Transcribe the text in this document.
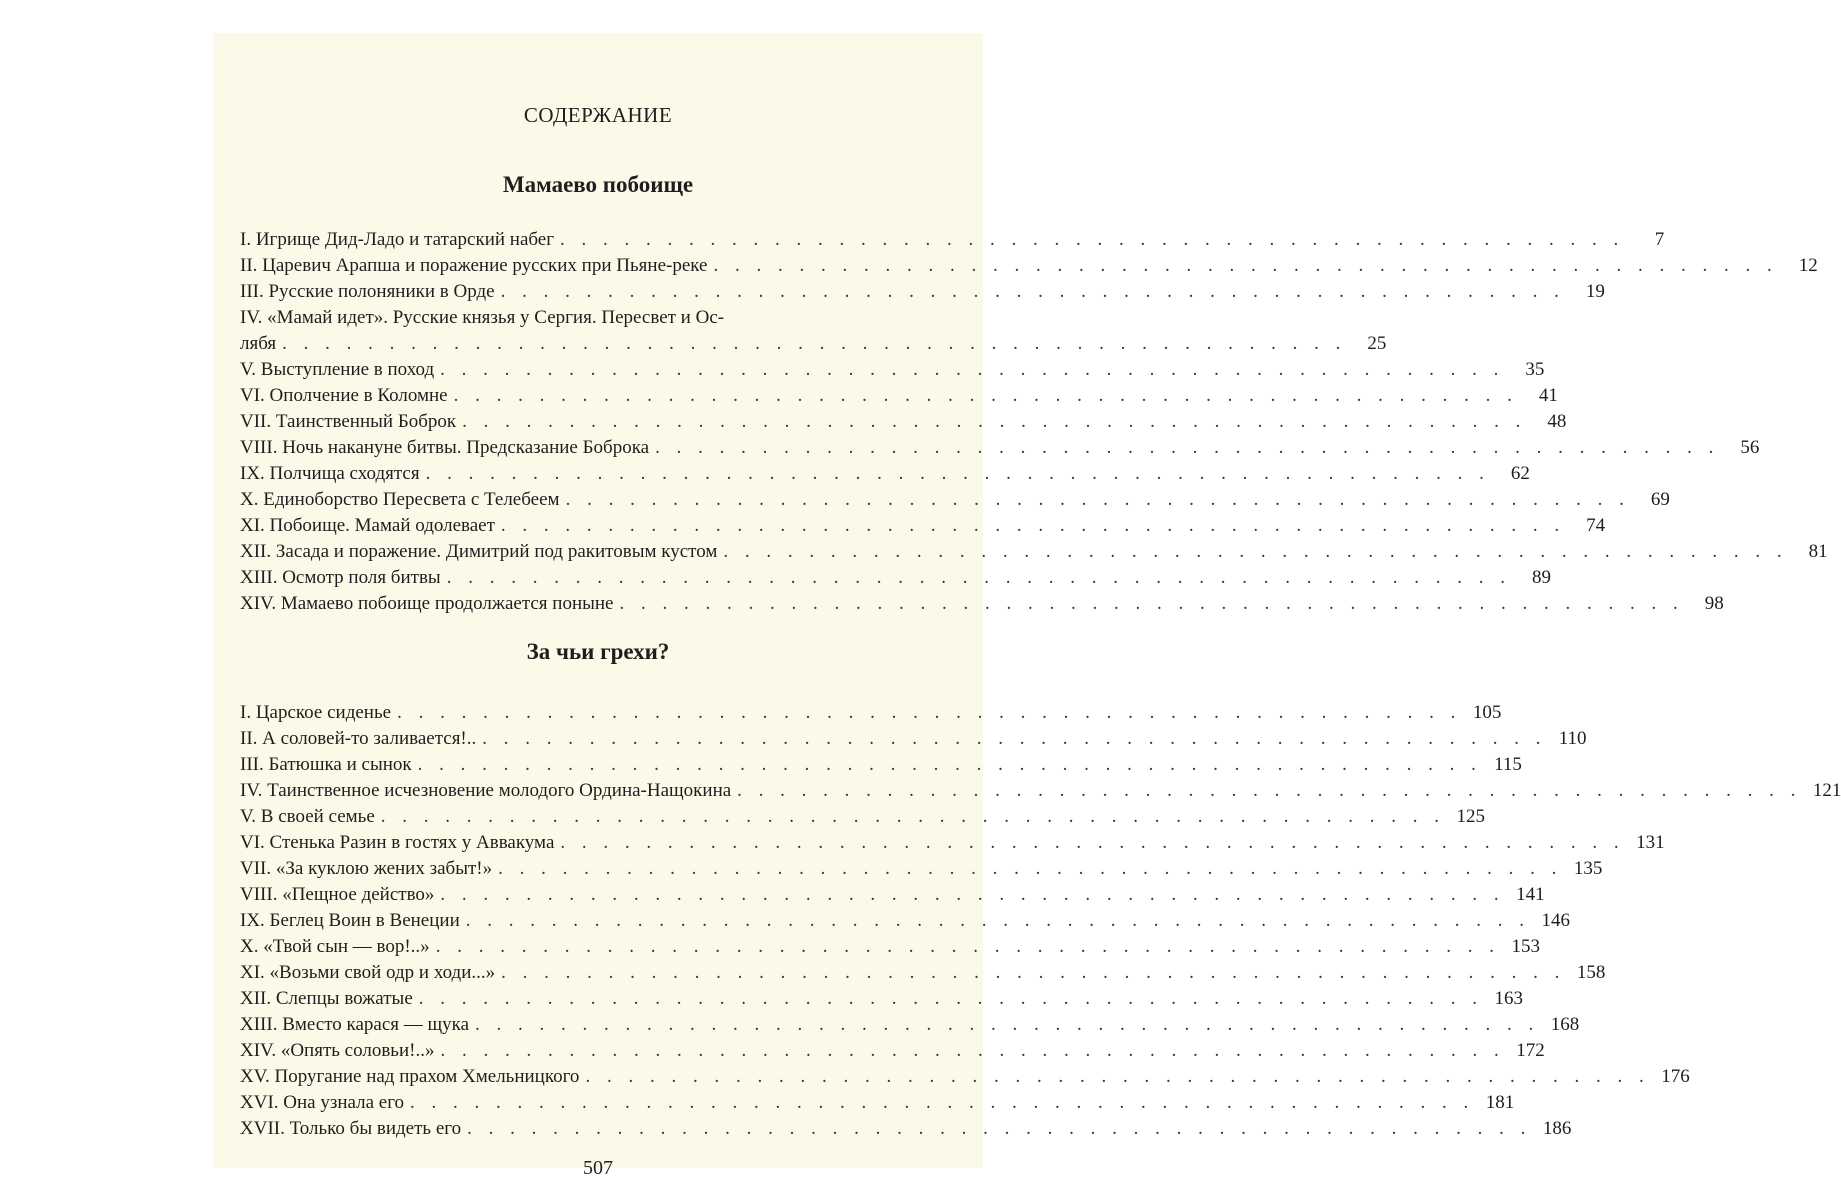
СОДЕРЖАНИЕ
Мамаево побоище
I. Игрище Дид-Ладо и татарский набег . . . . . . . . . . . . . . . . . . . . . . . . . . . . . . . . . . . . . . . . . . . . . . . . . .	7
II. Царевич Арапша и поражение русских при Пьяне-реке . . . . . . . . . . . . . . . . . . . . . . . . . . . . . . . . . . . . . . . . . . . . . . . . . .	12
III. Русские полоняники в Орде . . . . . . . . . . . . . . . . . . . . . . . . . . . . . . . . . . . . . . . . . . . . . . . . . .	19
IV. «Мамай идет». Русские князья у Сергия. Пересвет и Ос-
лябя . . . . . . . . . . . . . . . . . . . . . . . . . . . . . . . . . . . . . . . . . . . . . . . . . .	25
V. Выступление в поход . . . . . . . . . . . . . . . . . . . . . . . . . . . . . . . . . . . . . . . . . . . . . . . . . .	35
VI. Ополчение в Коломне . . . . . . . . . . . . . . . . . . . . . . . . . . . . . . . . . . . . . . . . . . . . . . . . . .	41
VII. Таинственный Боброк . . . . . . . . . . . . . . . . . . . . . . . . . . . . . . . . . . . . . . . . . . . . . . . . . .	48
VIII. Ночь накануне битвы. Предсказание Боброка . . . . . . . . . . . . . . . . . . . . . . . . . . . . . . . . . . . . . . . . . . . . . . . . . .	56
IX. Полчища сходятся . . . . . . . . . . . . . . . . . . . . . . . . . . . . . . . . . . . . . . . . . . . . . . . . . .	62
X. Единоборство Пересвета с Телебеем . . . . . . . . . . . . . . . . . . . . . . . . . . . . . . . . . . . . . . . . . . . . . . . . . .	69
XI. Побоище. Мамай одолевает . . . . . . . . . . . . . . . . . . . . . . . . . . . . . . . . . . . . . . . . . . . . . . . . . .	74
XII. Засада и поражение. Димитрий под ракитовым кустом . . . . . . . . . . . . . . . . . . . . . . . . . . . . . . . . . . . . . . . . . . . . . . . . . .	81
XIII. Осмотр поля битвы . . . . . . . . . . . . . . . . . . . . . . . . . . . . . . . . . . . . . . . . . . . . . . . . . .	89
XIV. Мамаево побоище продолжается поныне . . . . . . . . . . . . . . . . . . . . . . . . . . . . . . . . . . . . . . . . . . . . . . . . . .	98
За чьи грехи?
I. Царское сиденье . . . . . . . . . . . . . . . . . . . . . . . . . . . . . . . . . . . . . . . . . . . . . . . . . . 105
II. А соловей-то заливается!.. . . . . . . . . . . . . . . . . . . . . . . . . . . . . . . . . . . . . . . . . . . . . . . . . . . 110
III. Батюшка и сынок . . . . . . . . . . . . . . . . . . . . . . . . . . . . . . . . . . . . . . . . . . . . . . . . . . 115
IV. Таинственное исчезновение молодого Ордина-Нащокина . . . . . . . . . . . . . . . . . . . . . . . . . . . . . . . . . . . . . . . . . . . . . . . . . . 121
V. В своей семье . . . . . . . . . . . . . . . . . . . . . . . . . . . . . . . . . . . . . . . . . . . . . . . . . . 125
VI. Стенька Разин в гостях у Аввакума . . . . . . . . . . . . . . . . . . . . . . . . . . . . . . . . . . . . . . . . . . . . . . . . . . 131
VII. «За куклою жених забыт!» . . . . . . . . . . . . . . . . . . . . . . . . . . . . . . . . . . . . . . . . . . . . . . . . . . 135
VIII. «Пещное действо» . . . . . . . . . . . . . . . . . . . . . . . . . . . . . . . . . . . . . . . . . . . . . . . . . . 141
IX. Беглец Воин в Венеции . . . . . . . . . . . . . . . . . . . . . . . . . . . . . . . . . . . . . . . . . . . . . . . . . . 146
X. «Твой сын — вор!..» . . . . . . . . . . . . . . . . . . . . . . . . . . . . . . . . . . . . . . . . . . . . . . . . . . 153
XI. «Возьми свой одр и ходи...» . . . . . . . . . . . . . . . . . . . . . . . . . . . . . . . . . . . . . . . . . . . . . . . . . . 158
XII. Слепцы вожатые . . . . . . . . . . . . . . . . . . . . . . . . . . . . . . . . . . . . . . . . . . . . . . . . . . 163
XIII. Вместо карася — щука . . . . . . . . . . . . . . . . . . . . . . . . . . . . . . . . . . . . . . . . . . . . . . . . . . 168
XIV. «Опять соловьи!..» . . . . . . . . . . . . . . . . . . . . . . . . . . . . . . . . . . . . . . . . . . . . . . . . . . 172
XV. Поругание над прахом Хмельницкого . . . . . . . . . . . . . . . . . . . . . . . . . . . . . . . . . . . . . . . . . . . . . . . . . . 176
XVI. Она узнала его . . . . . . . . . . . . . . . . . . . . . . . . . . . . . . . . . . . . . . . . . . . . . . . . . . 181
XVII. Только бы видеть его . . . . . . . . . . . . . . . . . . . . . . . . . . . . . . . . . . . . . . . . . . . . . . . . . . 186
507
